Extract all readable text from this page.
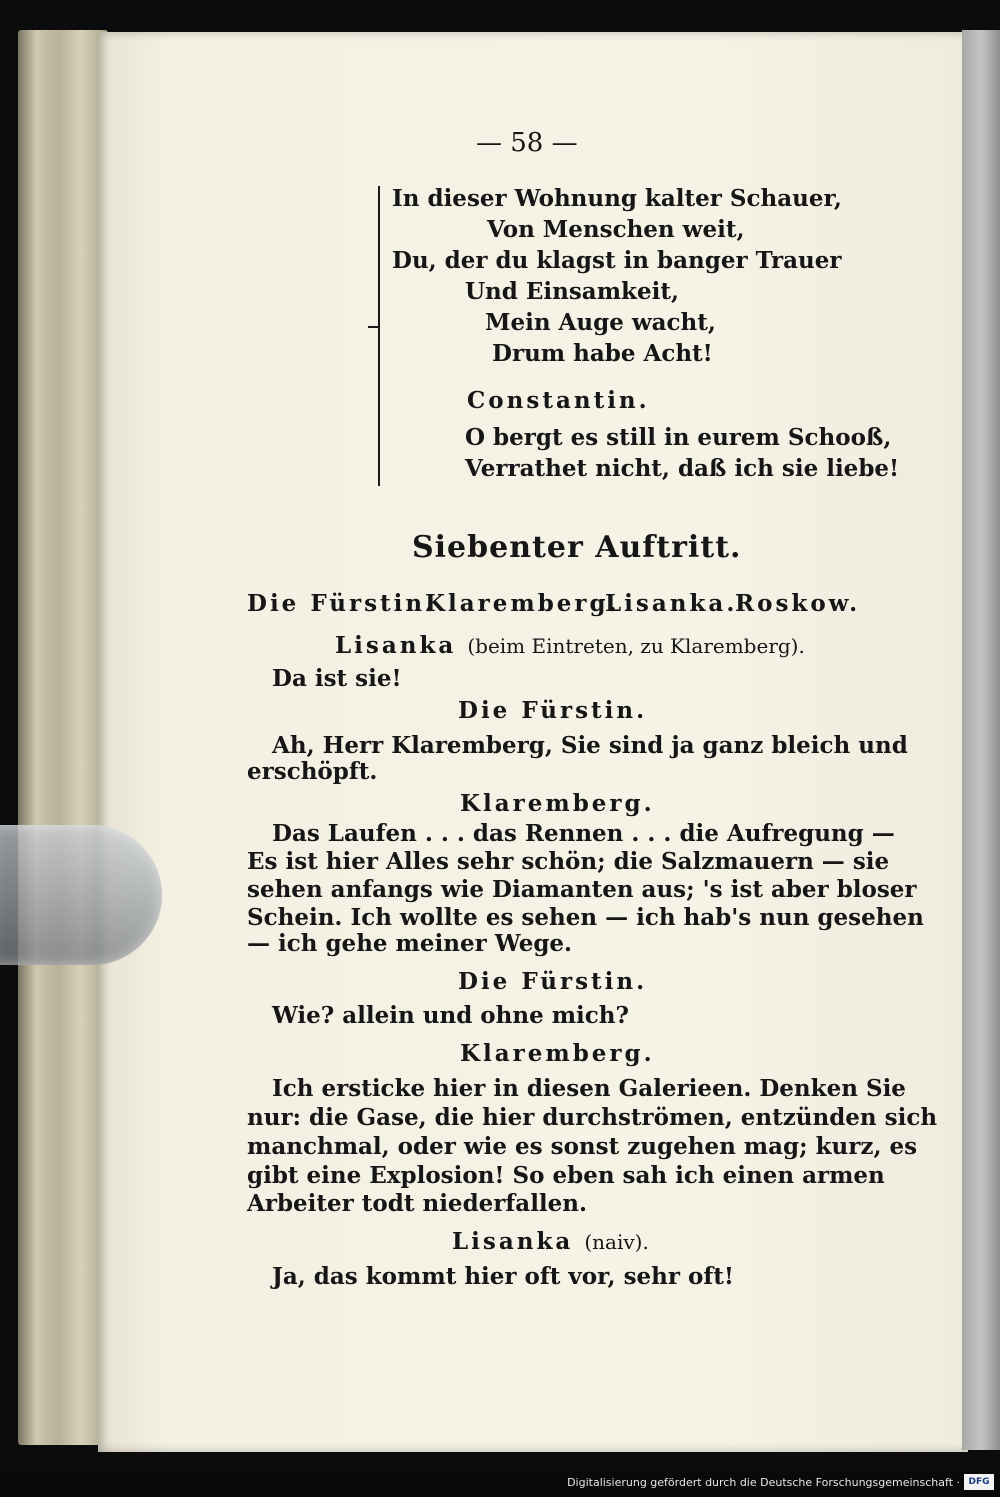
— 58 —
In dieser Wohnung kalter Schauer,
Von Menschen weit,
Du, der du klagst in banger Trauer
Und Einsamkeit,
Mein Auge wacht,
Drum habe Acht!
Constantin.
O bergt es still in eurem Schooß,
Verrathet nicht, daß ich sie liebe!
Siebenter Auftritt.
Die Fürstin.
Klaremberg.
Lisanka.
Roskow.
Lisanka (beim Eintreten, zu Klaremberg).
Da ist sie!
Die Fürstin.
Ah, Herr Klaremberg, Sie sind ja ganz bleich und
erschöpft.
Klaremberg.
Das Laufen . . . das Rennen . . . die Aufregung —
Es ist hier Alles sehr schön; die Salzmauern — sie
sehen anfangs wie Diamanten aus; 's ist aber bloser
Schein. Ich wollte es sehen — ich hab's nun gesehen
— ich gehe meiner Wege.
Die Fürstin.
Wie? allein und ohne mich?
Klaremberg.
Ich ersticke hier in diesen Galerieen. Denken Sie
nur: die Gase, die hier durchströmen, entzünden sich
manchmal, oder wie es sonst zugehen mag; kurz, es
gibt eine Explosion! So eben sah ich einen armen
Arbeiter todt niederfallen.
Lisanka (naiv).
Ja, das kommt hier oft vor, sehr oft!
Digitalisierung gefördert durch die Deutsche Forschungsgemeinschaft · DFG
